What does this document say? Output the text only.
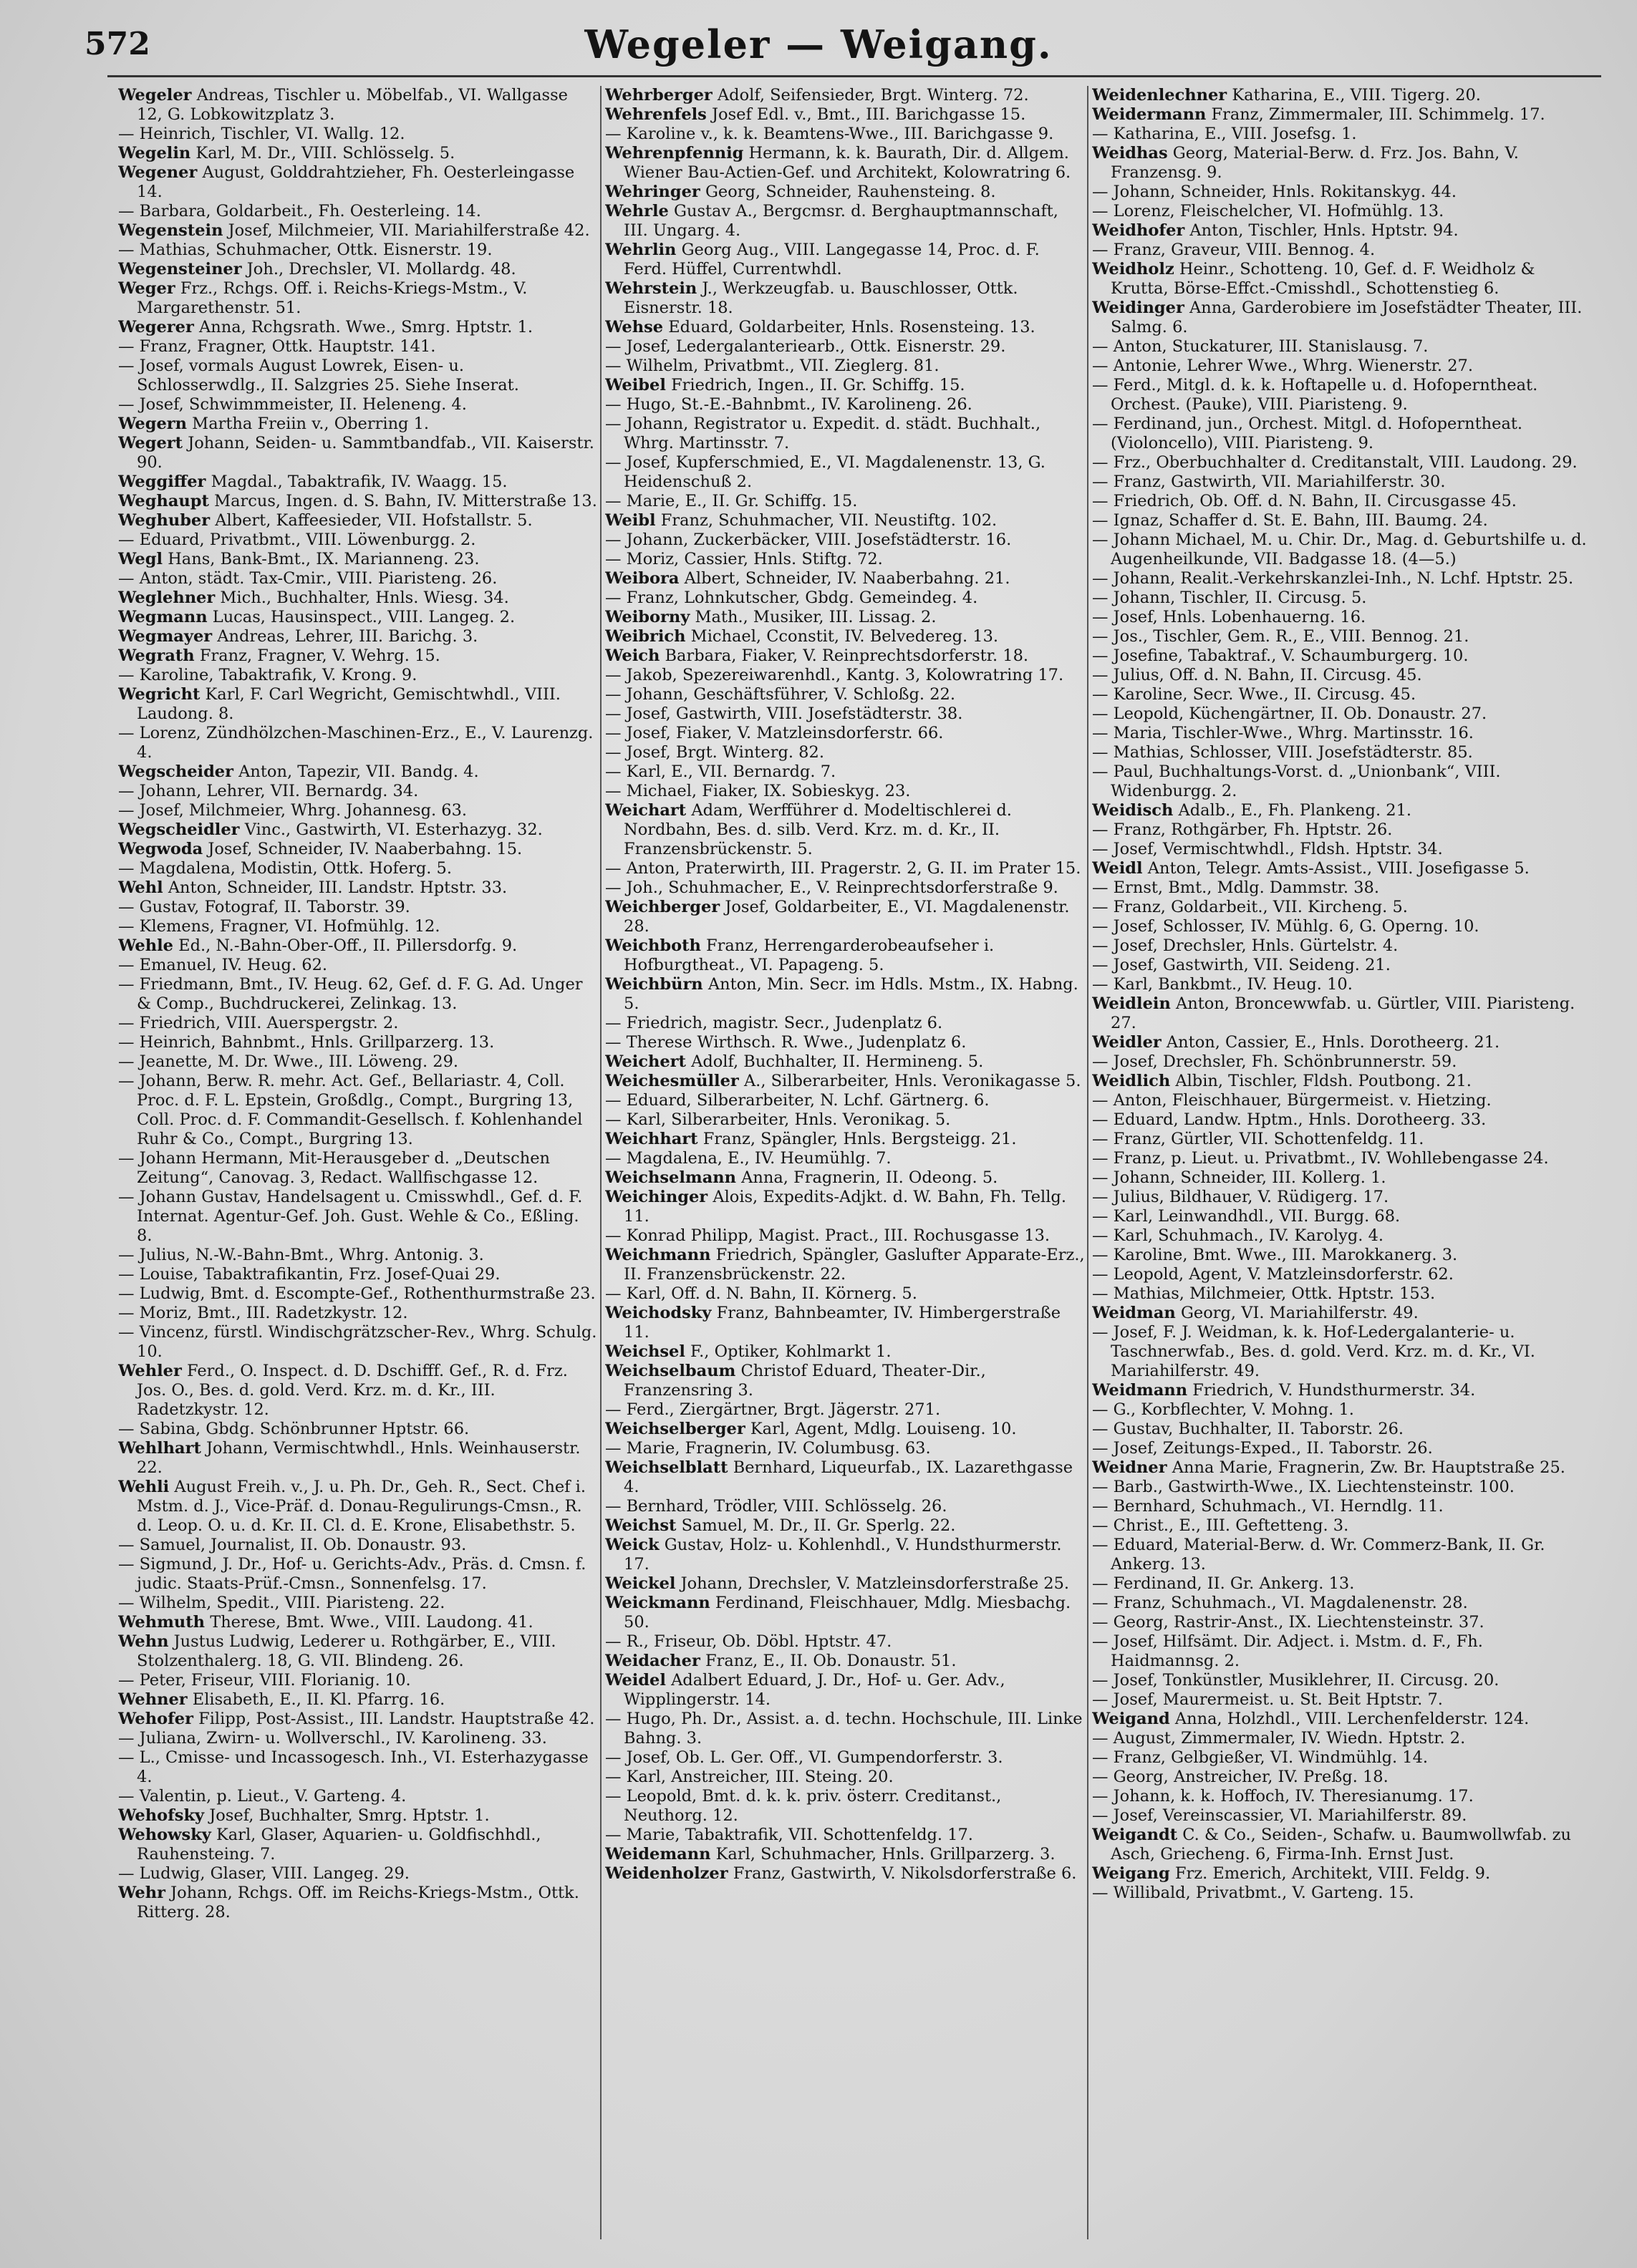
572	Wegeler — Weigang.

Wegeler Andreas, Tischler u. Möbelfab., VI. Wallgasse 12, G. Lobkowitzplatz 3.

— Heinrich, Tischler, VI. Wallg. 12.

Wegelin Karl, M. Dr., VIII. Schlösselg. 5.

Wegener August, Golddrahtzieher, Fh. Oesterleingasse 14.

— Barbara, Goldarbeit., Fh. Oesterleing. 14.

Wegenstein Josef, Milchmeier, VII. Mariahilferstraße 42.

— Mathias, Schuhmacher, Ottk. Eisnerstr. 19.

Wegensteiner Joh., Drechsler, VI. Mollardg. 48.

Weger Frz., Rchgs. Off. i. Reichs-Kriegs-Mstm., V. Margarethenstr. 51.

Wegerer Anna, Rchgsrath. Wwe., Smrg. Hptstr. 1.

— Franz, Fragner, Ottk. Hauptstr. 141.

— Josef, vormals August Lowrek, Eisen- u. Schlosserwdlg., II. Salzgries 25. Siehe Inserat.

— Josef, Schwimmmeister, II. Heleneng. 4.

Wegern Martha Freiin v., Oberring 1.

Wegert Johann, Seiden- u. Sammtbandfab., VII. Kaiserstr. 90.

Weggiffer Magdal., Tabaktrafik, IV. Waagg. 15.

Weghaupt Marcus, Ingen. d. S. Bahn, IV. Mitterstraße 13.

Weghuber Albert, Kaffeesieder, VII. Hofstallstr. 5.

— Eduard, Privatbmt., VIII. Löwenburgg. 2.

Wegl Hans, Bank-Bmt., IX. Marianneng. 23.

— Anton, städt. Tax-Cmir., VIII. Piaristeng. 26.

Weglehner Mich., Buchhalter, Hnls. Wiesg. 34.

Wegmann Lucas, Hausinspect., VIII. Langeg. 2.

Wegmayer Andreas, Lehrer, III. Barichg. 3.

Wegrath Franz, Fragner, V. Wehrg. 15.

— Karoline, Tabaktrafik, V. Krong. 9.

Wegricht Karl, F. Carl Wegricht, Gemischtwhdl., VIII. Laudong. 8.

— Lorenz, Zündhölzchen-Maschinen-Erz., E., V. Laurenzg. 4.

Wegscheider Anton, Tapezir, VII. Bandg. 4.

— Johann, Lehrer, VII. Bernardg. 34.

— Josef, Milchmeier, Whrg. Johannesg. 63.

Wegscheidler Vinc., Gastwirth, VI. Esterhazyg. 32.

Wegwoda Josef, Schneider, IV. Naaberbahng. 15.

— Magdalena, Modistin, Ottk. Hoferg. 5.

Wehl Anton, Schneider, III. Landstr. Hptstr. 33.

— Gustav, Fotograf, II. Taborstr. 39.

— Klemens, Fragner, VI. Hofmühlg. 12.

Wehle Ed., N.-Bahn-Ober-Off., II. Pillersdorfg. 9.

— Emanuel, IV. Heug. 62.

— Friedmann, Bmt., IV. Heug. 62, Gef. d. F. G. Ad. Unger & Comp., Buchdruckerei, Zelinkag. 13.

— Friedrich, VIII. Auerspergstr. 2.

— Heinrich, Bahnbmt., Hnls. Grillparzerg. 13.

— Jeanette, M. Dr. Wwe., III. Löweng. 29.

— Johann, Berw. R. mehr. Act. Gef., Bellariastr. 4, Coll. Proc. d. F. L. Epstein, Großdlg., Compt., Burgring 13, Coll. Proc. d. F. Commandit-Gesellsch. f. Kohlenhandel Ruhr & Co., Compt., Burgring 13.

— Johann Hermann, Mit-Herausgeber d. „Deutschen Zeitung“, Canovag. 3, Redact. Wallfischgasse 12.

— Johann Gustav, Handelsagent u. Cmisswhdl., Gef. d. F. Internat. Agentur-Gef. Joh. Gust. Wehle & Co., Eßling. 8.

— Julius, N.-W.-Bahn-Bmt., Whrg. Antonig. 3.

— Louise, Tabaktrafikantin, Frz. Josef-Quai 29.

— Ludwig, Bmt. d. Escompte-Gef., Rothenthurmstraße 23.

— Moriz, Bmt., III. Radetzkystr. 12.

— Vincenz, fürstl. Windischgrätzscher-Rev., Whrg. Schulg. 10.

Wehler Ferd., O. Inspect. d. D. Dschifff. Gef., R. d. Frz. Jos. O., Bes. d. gold. Verd. Krz. m. d. Kr., III. Radetzkystr. 12.

— Sabina, Gbdg. Schönbrunner Hptstr. 66.

Wehlhart Johann, Vermischtwhdl., Hnls. Weinhauserstr. 22.

Wehli August Freih. v., J. u. Ph. Dr., Geh. R., Sect. Chef i. Mstm. d. J., Vice-Präf. d. Donau-Regulirungs-Cmsn., R. d. Leop. O. u. d. Kr. II. Cl. d. E. Krone, Elisabethstr. 5.

— Samuel, Journalist, II. Ob. Donaustr. 93.

— Sigmund, J. Dr., Hof- u. Gerichts-Adv., Präs. d. Cmsn. f. judic. Staats-Prüf.-Cmsn., Sonnenfelsg. 17.

— Wilhelm, Spedit., VIII. Piaristeng. 22.

Wehmuth Therese, Bmt. Wwe., VIII. Laudong. 41.

Wehn Justus Ludwig, Lederer u. Rothgärber, E., VIII. Stolzenthalerg. 18, G. VII. Blindeng. 26.

— Peter, Friseur, VIII. Florianig. 10.

Wehner Elisabeth, E., II. Kl. Pfarrg. 16.

Wehofer Filipp, Post-Assist., III. Landstr. Hauptstraße 42.

— Juliana, Zwirn- u. Wollverschl., IV. Karolineng. 33.

— L., Cmisse- und Incassogesch. Inh., VI. Esterhazygasse 4.

— Valentin, p. Lieut., V. Garteng. 4.

Wehofsky Josef, Buchhalter, Smrg. Hptstr. 1.

Wehowsky Karl, Glaser, Aquarien- u. Goldfischhdl., Rauhensteing. 7.

— Ludwig, Glaser, VIII. Langeg. 29.

Wehr Johann, Rchgs. Off. im Reichs-Kriegs-Mstm., Ottk. Ritterg. 28.

Wehrberger Adolf, Seifensieder, Brgt. Winterg. 72.

Wehrenfels Josef Edl. v., Bmt., III. Barichgasse 15.

— Karoline v., k. k. Beamtens-Wwe., III. Barichgasse 9.

Wehrenpfennig Hermann, k. k. Baurath, Dir. d. Allgem. Wiener Bau-Actien-Gef. und Architekt, Kolowratring 6.

Wehringer Georg, Schneider, Rauhensteing. 8.

Wehrle Gustav A., Bergcmsr. d. Berghauptmannschaft, III. Ungarg. 4.

Wehrlin Georg Aug., VIII. Langegasse 14, Proc. d. F. Ferd. Hüffel, Currentwhdl.

Wehrstein J., Werkzeugfab. u. Bauschlosser, Ottk. Eisnerstr. 18.

Wehse Eduard, Goldarbeiter, Hnls. Rosensteing. 13.

— Josef, Ledergalanteriearb., Ottk. Eisnerstr. 29.

— Wilhelm, Privatbmt., VII. Zieglerg. 81.

Weibel Friedrich, Ingen., II. Gr. Schiffg. 15.

— Hugo, St.-E.-Bahnbmt., IV. Karolineng. 26.

— Johann, Registrator u. Expedit. d. städt. Buchhalt., Whrg. Martinsstr. 7.

— Josef, Kupferschmied, E., VI. Magdalenenstr. 13, G. Heidenschuß 2.

— Marie, E., II. Gr. Schiffg. 15.

Weibl Franz, Schuhmacher, VII. Neustiftg. 102.

— Johann, Zuckerbäcker, VIII. Josefstädterstr. 16.

— Moriz, Cassier, Hnls. Stiftg. 72.

Weibora Albert, Schneider, IV. Naaberbahng. 21.

— Franz, Lohnkutscher, Gbdg. Gemeindeg. 4.

Weiborny Math., Musiker, III. Lissag. 2.

Weibrich Michael, Cconstit, IV. Belvedereg. 13.

Weich Barbara, Fiaker, V. Reinprechtsdorferstr. 18.

— Jakob, Spezereiwarenhdl., Kantg. 3, Kolowratring 17.

— Johann, Geschäftsführer, V. Schloßg. 22.

— Josef, Gastwirth, VIII. Josefstädterstr. 38.

— Josef, Fiaker, V. Matzleinsdorferstr. 66.

— Josef, Brgt. Winterg. 82.

— Karl, E., VII. Bernardg. 7.

— Michael, Fiaker, IX. Sobieskyg. 23.

Weichart Adam, Werfführer d. Modeltischlerei d. Nordbahn, Bes. d. silb. Verd. Krz. m. d. Kr., II. Franzensbrückenstr. 5.

— Anton, Praterwirth, III. Pragerstr. 2, G. II. im Prater 15.

— Joh., Schuhmacher, E., V. Reinprechtsdorferstraße 9.

Weichberger Josef, Goldarbeiter, E., VI. Magdalenenstr. 28.

Weichboth Franz, Herrengarderobeaufseher i. Hofburgtheat., VI. Papageng. 5.

Weichbürn Anton, Min. Secr. im Hdls. Mstm., IX. Habng. 5.

— Friedrich, magistr. Secr., Judenplatz 6.

— Therese Wirthsch. R. Wwe., Judenplatz 6.

Weichert Adolf, Buchhalter, II. Hermineng. 5.

Weichesmüller A., Silberarbeiter, Hnls. Veronikagasse 5.

— Eduard, Silberarbeiter, N. Lchf. Gärtnerg. 6.

— Karl, Silberarbeiter, Hnls. Veronikag. 5.

Weichhart Franz, Spängler, Hnls. Bergsteigg. 21.

— Magdalena, E., IV. Heumühlg. 7.

Weichselmann Anna, Fragnerin, II. Odeong. 5.

Weichinger Alois, Expedits-Adjkt. d. W. Bahn, Fh. Tellg. 11.

— Konrad Philipp, Magist. Pract., III. Rochusgasse 13.

Weichmann Friedrich, Spängler, Gaslufter Apparate-Erz., II. Franzensbrückenstr. 22.

— Karl, Off. d. N. Bahn, II. Körnerg. 5.

Weichodsky Franz, Bahnbeamter, IV. Himbergerstraße 11.

Weichsel F., Optiker, Kohlmarkt 1.

Weichselbaum Christof Eduard, Theater-Dir., Franzensring 3.

— Ferd., Ziergärtner, Brgt. Jägerstr. 271.

Weichselberger Karl, Agent, Mdlg. Louiseng. 10.

— Marie, Fragnerin, IV. Columbusg. 63.

Weichselblatt Bernhard, Liqueurfab., IX. Lazarethgasse 4.

— Bernhard, Trödler, VIII. Schlösselg. 26.

Weichst Samuel, M. Dr., II. Gr. Sperlg. 22.

Weick Gustav, Holz- u. Kohlenhdl., V. Hundsthurmerstr. 17.

Weickel Johann, Drechsler, V. Matzleinsdorferstraße 25.

Weickmann Ferdinand, Fleischhauer, Mdlg. Miesbachg. 50.

— R., Friseur, Ob. Döbl. Hptstr. 47.

Weidacher Franz, E., II. Ob. Donaustr. 51.

Weidel Adalbert Eduard, J. Dr., Hof- u. Ger. Adv., Wipplingerstr. 14.

— Hugo, Ph. Dr., Assist. a. d. techn. Hochschule, III. Linke Bahng. 3.

— Josef, Ob. L. Ger. Off., VI. Gumpendorferstr. 3.

— Karl, Anstreicher, III. Steing. 20.

— Leopold, Bmt. d. k. k. priv. österr. Creditanst., Neuthorg. 12.

— Marie, Tabaktrafik, VII. Schottenfeldg. 17.

Weidemann Karl, Schuhmacher, Hnls. Grillparzerg. 3.

Weidenholzer Franz, Gastwirth, V. Nikolsdorferstraße 6.

Weidenlechner Katharina, E., VIII. Tigerg. 20.

Weidermann Franz, Zimmermaler, III. Schimmelg. 17.

— Katharina, E., VIII. Josefsg. 1.

Weidhas Georg, Material-Berw. d. Frz. Jos. Bahn, V. Franzensg. 9.

— Johann, Schneider, Hnls. Rokitanskyg. 44.

— Lorenz, Fleischelcher, VI. Hofmühlg. 13.

Weidhofer Anton, Tischler, Hnls. Hptstr. 94.

— Franz, Graveur, VIII. Bennog. 4.

Weidholz Heinr., Schotteng. 10, Gef. d. F. Weidholz & Krutta, Börse-Effct.-Cmisshdl., Schottenstieg 6.

Weidinger Anna, Garderobiere im Josefstädter Theater, III. Salmg. 6.

— Anton, Stuckaturer, III. Stanislausg. 7.

— Antonie, Lehrer Wwe., Whrg. Wienerstr. 27.

— Ferd., Mitgl. d. k. k. Hoftapelle u. d. Hofoperntheat. Orchest. (Pauke), VIII. Piaristeng. 9.

— Ferdinand, jun., Orchest. Mitgl. d. Hofoperntheat. (Violoncello), VIII. Piaristeng. 9.

— Frz., Oberbuchhalter d. Creditanstalt, VIII. Laudong. 29.

— Franz, Gastwirth, VII. Mariahilferstr. 30.

— Friedrich, Ob. Off. d. N. Bahn, II. Circusgasse 45.

— Ignaz, Schaffer d. St. E. Bahn, III. Baumg. 24.

— Johann Michael, M. u. Chir. Dr., Mag. d. Geburtshilfe u. d. Augenheilkunde, VII. Badgasse 18. (4—5.)

— Johann, Realit.-Verkehrskanzlei-Inh., N. Lchf. Hptstr. 25.

— Johann, Tischler, II. Circusg. 5.

— Josef, Hnls. Lobenhauerng. 16.

— Jos., Tischler, Gem. R., E., VIII. Bennog. 21.

— Josefine, Tabaktraf., V. Schaumburgerg. 10.

— Julius, Off. d. N. Bahn, II. Circusg. 45.

— Karoline, Secr. Wwe., II. Circusg. 45.

— Leopold, Küchengärtner, II. Ob. Donaustr. 27.

— Maria, Tischler-Wwe., Whrg. Martinsstr. 16.

— Mathias, Schlosser, VIII. Josefstädterstr. 85.

— Paul, Buchhaltungs-Vorst. d. „Unionbank“, VIII. Widenburgg. 2.

Weidisch Adalb., E., Fh. Plankeng. 21.

— Franz, Rothgärber, Fh. Hptstr. 26.

— Josef, Vermischtwhdl., Fldsh. Hptstr. 34.

Weidl Anton, Telegr. Amts-Assist., VIII. Josefigasse 5.

— Ernst, Bmt., Mdlg. Dammstr. 38.

— Franz, Goldarbeit., VII. Kircheng. 5.

— Josef, Schlosser, IV. Mühlg. 6, G. Operng. 10.

— Josef, Drechsler, Hnls. Gürtelstr. 4.

— Josef, Gastwirth, VII. Seideng. 21.

— Karl, Bankbmt., IV. Heug. 10.

Weidlein Anton, Broncewwfab. u. Gürtler, VIII. Piaristeng. 27.

Weidler Anton, Cassier, E., Hnls. Dorotheerg. 21.

— Josef, Drechsler, Fh. Schönbrunnerstr. 59.

Weidlich Albin, Tischler, Fldsh. Poutbong. 21.

— Anton, Fleischhauer, Bürgermeist. v. Hietzing.

— Eduard, Landw. Hptm., Hnls. Dorotheerg. 33.

— Franz, Gürtler, VII. Schottenfeldg. 11.

— Franz, p. Lieut. u. Privatbmt., IV. Wohllebengasse 24.

— Johann, Schneider, III. Kollerg. 1.

— Julius, Bildhauer, V. Rüdigerg. 17.

— Karl, Leinwandhdl., VII. Burgg. 68.

— Karl, Schuhmach., IV. Karolyg. 4.

— Karoline, Bmt. Wwe., III. Marokkanerg. 3.

— Leopold, Agent, V. Matzleinsdorferstr. 62.

— Mathias, Milchmeier, Ottk. Hptstr. 153.

Weidman Georg, VI. Mariahilferstr. 49.

— Josef, F. J. Weidman, k. k. Hof-Ledergalanterie- u. Taschnerwfab., Bes. d. gold. Verd. Krz. m. d. Kr., VI. Mariahilferstr. 49.

Weidmann Friedrich, V. Hundsthurmerstr. 34.

— G., Korbflechter, V. Mohng. 1.

— Gustav, Buchhalter, II. Taborstr. 26.

— Josef, Zeitungs-Exped., II. Taborstr. 26.

Weidner Anna Marie, Fragnerin, Zw. Br. Hauptstraße 25.

— Barb., Gastwirth-Wwe., IX. Liechtensteinstr. 100.

— Bernhard, Schuhmach., VI. Herndlg. 11.

— Christ., E., III. Geftetteng. 3.

— Eduard, Material-Berw. d. Wr. Commerz-Bank, II. Gr. Ankerg. 13.

— Ferdinand, II. Gr. Ankerg. 13.

— Franz, Schuhmach., VI. Magdalenenstr. 28.

— Georg, Rastrir-Anst., IX. Liechtensteinstr. 37.

— Josef, Hilfsämt. Dir. Adject. i. Mstm. d. F., Fh. Haidmannsg. 2.

— Josef, Tonkünstler, Musiklehrer, II. Circusg. 20.

— Josef, Maurermeist. u. St. Beit Hptstr. 7.

Weigand Anna, Holzhdl., VIII. Lerchenfelderstr. 124.

— August, Zimmermaler, IV. Wiedn. Hptstr. 2.

— Franz, Gelbgießer, VI. Windmühlg. 14.

— Georg, Anstreicher, IV. Preßg. 18.

— Johann, k. k. Hoffoch, IV. Theresianumg. 17.

— Josef, Vereinscassier, VI. Mariahilferstr. 89.

Weigandt C. & Co., Seiden-, Schafw. u. Baumwollwfab. zu Asch, Griecheng. 6, Firma-Inh. Ernst Just.

Weigang Frz. Emerich, Architekt, VIII. Feldg. 9.

— Willibald, Privatbmt., V. Garteng. 15.
